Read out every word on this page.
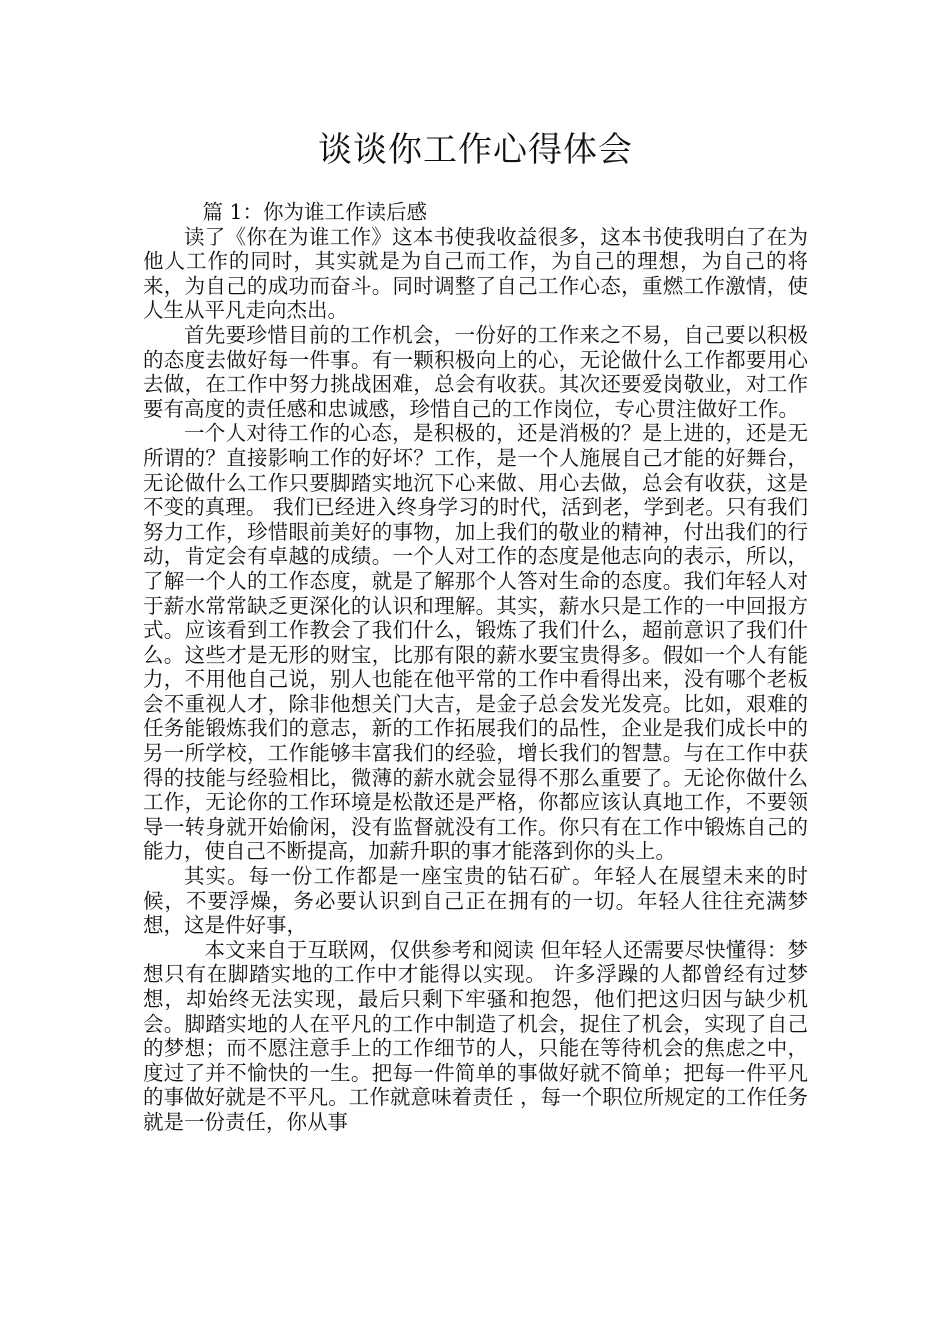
谈谈你工作心得体会

篇 1：你为谁工作读后感

读了《你在为谁工作》这本书使我收益很多，这本书使我明白了在为他人工作的同时，其实就是为自己而工作，为自己的理想，为自己的将来，为自己的成功而奋斗。同时调整了自己工作心态，重燃工作激情，使人生从平凡走向杰出。

首先要珍惜目前的工作机会，一份好的工作来之不易，自己要以积极的态度去做好每一件事。有一颗积极向上的心，无论做什么工作都要用心去做，在工作中努力挑战困难，总会有收获。其次还要爱岗敬业，对工作要有高度的责任感和忠诚感，珍惜自己的工作岗位，专心贯注做好工作。

一个人对待工作的心态，是积极的，还是消极的？是上进的，还是无所谓的？直接影响工作的好坏？工作，是一个人施展自己才能的好舞台，无论做什么工作只要脚踏实地沉下心来做、用心去做，总会有收获，这是不变的真理。 我们已经进入终身学习的时代，活到老，学到老。只有我们努力工作，珍惜眼前美好的事物，加上我们的敬业的精神，付出我们的行动，肯定会有卓越的成绩。一个人对工作的态度是他志向的表示，所以，了解一个人的工作态度，就是了解那个人答对生命的态度。我们年轻人对于薪水常常缺乏更深化的认识和理解。其实，薪水只是工作的一中回报方式。应该看到工作教会了我们什么，锻炼了我们什么，超前意识了我们什么。这些才是无形的财宝，比那有限的薪水要宝贵得多。假如一个人有能力，不用他自己说，别人也能在他平常的工作中看得出来，没有哪个老板会不重视人才，除非他想关门大吉，是金子总会发光发亮。比如，艰难的任务能锻炼我们的意志，新的工作拓展我们的品性，企业是我们成长中的另一所学校，工作能够丰富我们的经验，增长我们的智慧。与在工作中获得的技能与经验相比，微薄的薪水就会显得不那么重要了。无论你做什么工作，无论你的工作环境是松散还是严格，你都应该认真地工作，不要领导一转身就开始偷闲，没有监督就没有工作。你只有在工作中锻炼自己的能力，使自己不断提高，加薪升职的事才能落到你的头上。

其实。每一份工作都是一座宝贵的钻石矿。年轻人在展望未来的时候，不要浮燥，务必要认识到自己正在拥有的一切。年轻人往往充满梦想，这是件好事，

本文来自于互联网，仅供参考和阅读 但年轻人还需要尽快懂得：梦想只有在脚踏实地的工作中才能得以实现。 许多浮躁的人都曾经有过梦想，却始终无法实现，最后只剩下牢骚和抱怨，他们把这归因与缺少机会。脚踏实地的人在平凡的工作中制造了机会，捉住了机会，实现了自己的梦想；而不愿注意手上的工作细节的人，只能在等待机会的焦虑之中，度过了并不愉快的一生。把每一件简单的事做好就不简单；把每一件平凡的事做好就是不平凡。工作就意味着责任 ，每一个职位所规定的工作任务就是一份责任，你从事
